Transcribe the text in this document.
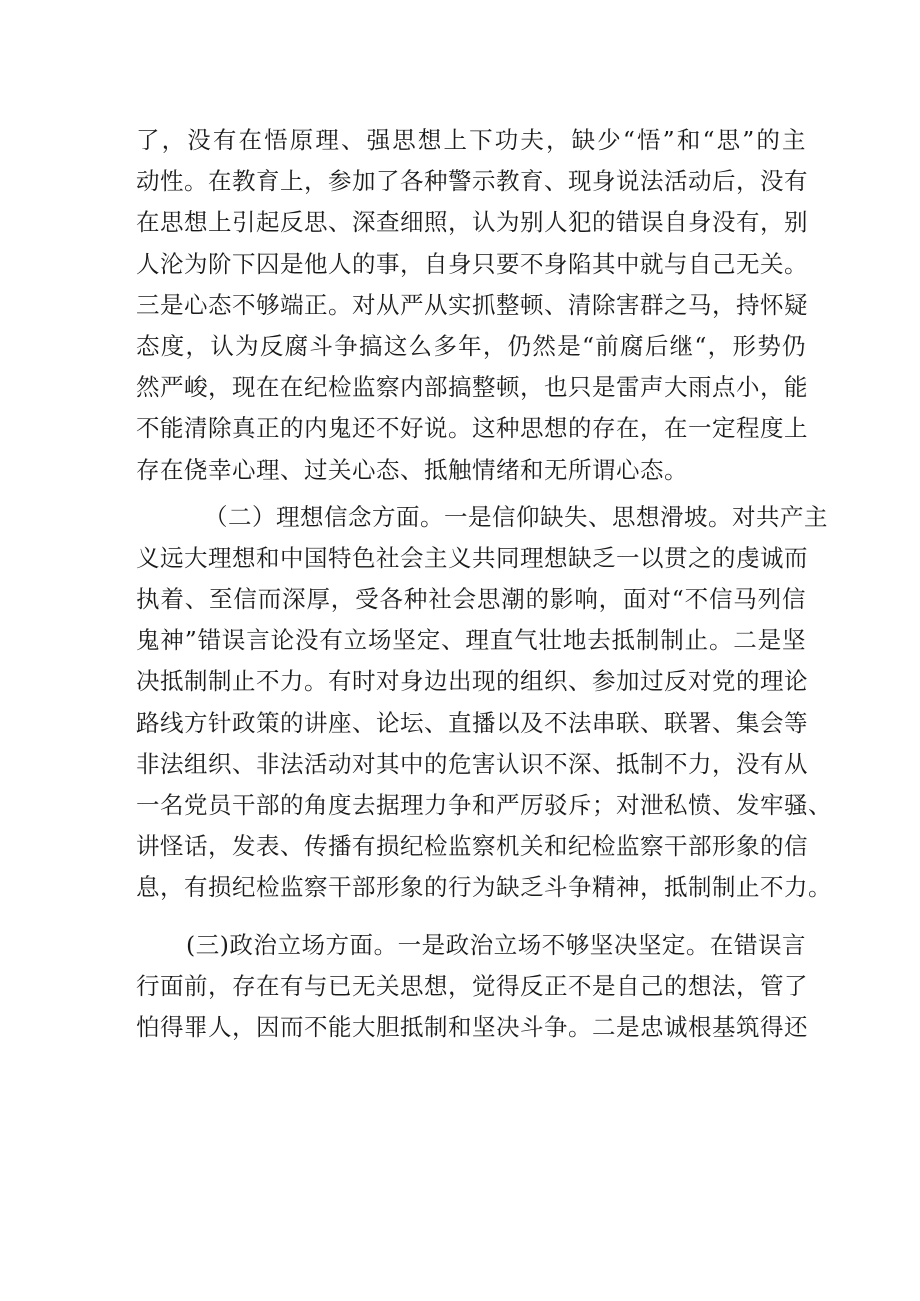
了，没有在悟原理、强思想上下功夫，缺少“悟”和“思”的主
动性。在教育上，参加了各种警示教育、现身说法活动后，没有
在思想上引起反思、深查细照，认为别人犯的错误自身没有，别
人沦为阶下囚是他人的事，自身只要不身陷其中就与自己无关。
三是心态不够端正。对从严从实抓整顿、清除害群之马，持怀疑
态度，认为反腐斗争搞这么多年，仍然是“前腐后继“，形势仍
然严峻，现在在纪检监察内部搞整顿，也只是雷声大雨点小，能
不能清除真正的内鬼还不好说。这种思想的存在，在一定程度上
存在侥幸心理、过关心态、抵触情绪和无所谓心态。
（二）理想信念方面。一是信仰缺失、思想滑坡。对共产主
义远大理想和中国特色社会主义共同理想缺乏一以贯之的虔诚而
执着、至信而深厚，受各种社会思潮的影响，面对“不信马列信
鬼神”错误言论没有立场坚定、理直气壮地去抵制制止。二是坚
决抵制制止不力。有时对身边出现的组织、参加过反对党的理论
路线方针政策的讲座、论坛、直播以及不法串联、联署、集会等
非法组织、非法活动对其中的危害认识不深、抵制不力，没有从
一名党员干部的角度去据理力争和严厉驳斥；对泄私愤、发牢骚、
讲怪话，发表、传播有损纪检监察机关和纪检监察干部形象的信
息，有损纪检监察干部形象的行为缺乏斗争精神，抵制制止不力。
(三)政治立场方面。一是政治立场不够坚决坚定。在错误言
行面前，存在有与已无关思想，觉得反正不是自己的想法，管了
怕得罪人，因而不能大胆抵制和坚决斗争。二是忠诚根基筑得还
